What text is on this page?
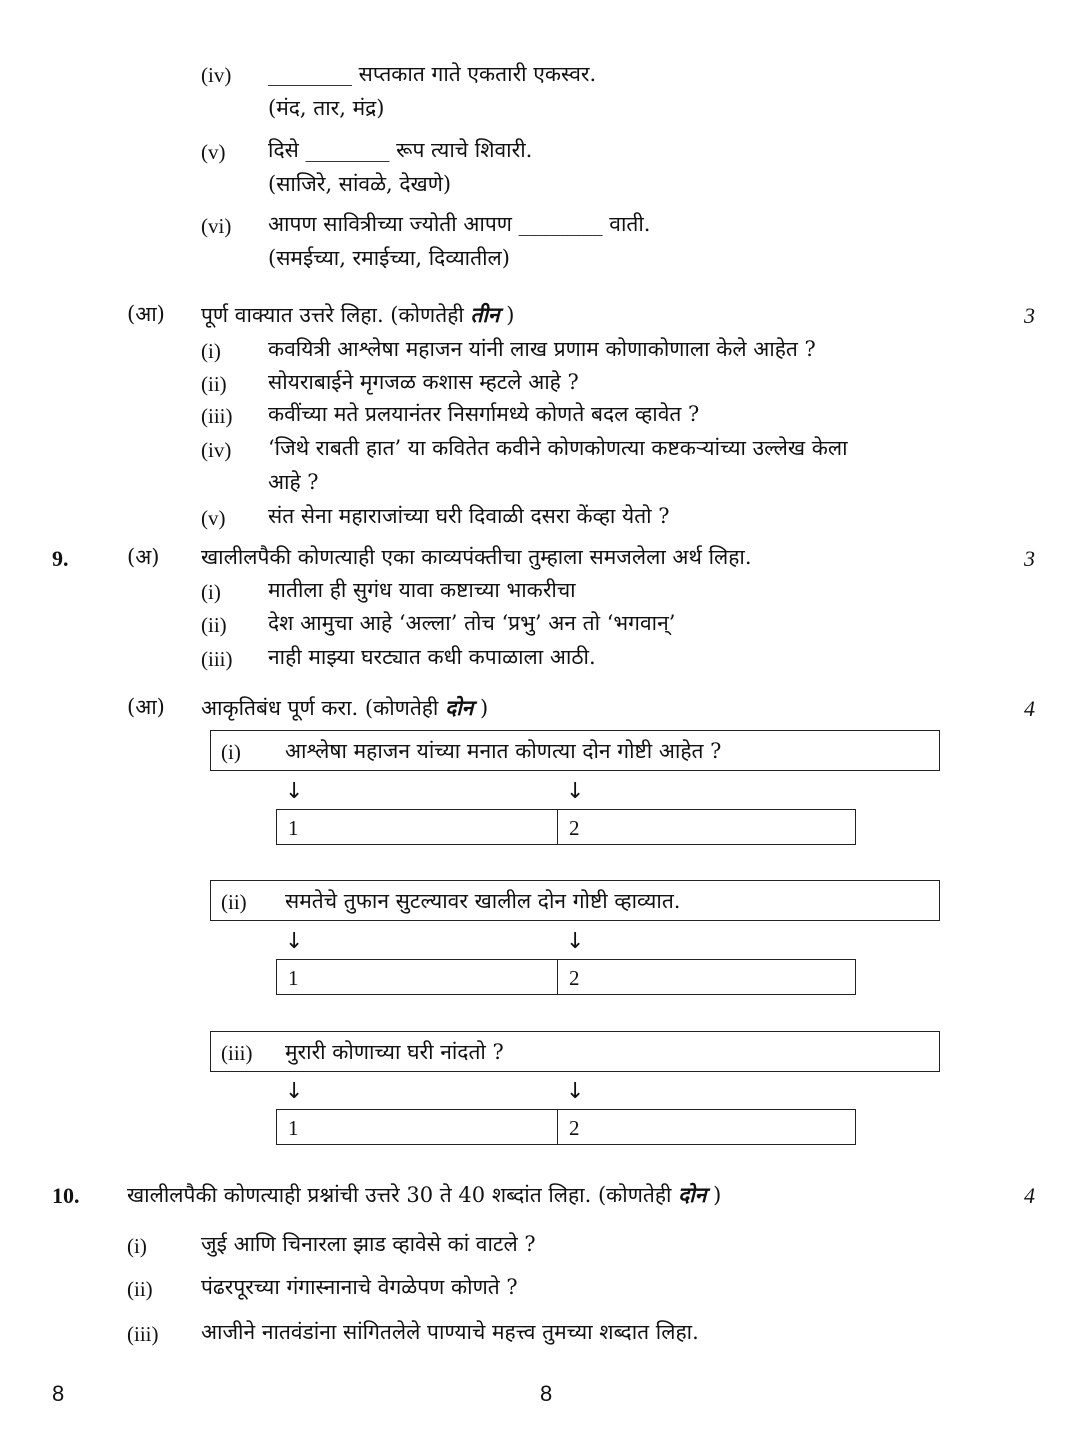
(iv) ________ सप्तकात गाते एकतारी एकस्वर.
(मंद, तार, मंद्र)
(v) दिसे ________ रूप त्याचे शिवारी.
(साजिरे, सांवळे, देखणे)
(vi) आपण सावित्रीच्या ज्योती आपण ________ वाती.
(समईच्या, रमाईच्या, दिव्यातील)
(आ) पूर्ण वाक्यात उत्तरे लिहा. (कोणतेही तीन )	3
(i) कवयित्री आश्लेषा महाजन यांनी लाख प्रणाम कोणाकोणाला केले आहेत ?
(ii) सोयराबाईने मृगजळ कशास म्हटले आहे ?
(iii) कवींच्या मते प्रलयानंतर निसर्गामध्ये कोणते बदल व्हावेत ?
(iv) ‘जिथे राबती हात’ या कवितेत कवीने कोणकोणत्या कष्टकऱ्यांच्या उल्लेख केला
आहे ?
(v) संत सेना महाराजांच्या घरी दिवाळी दसरा केंव्हा येतो ?
9.	(अ) खालीलपैकी कोणत्याही एका काव्यपंक्तीचा तुम्हाला समजलेला अर्थ लिहा.	3
(i) मातीला ही सुगंध यावा कष्टाच्या भाकरीचा
(ii) देश आमुचा आहे ‘अल्ला’ तोच ‘प्रभु’ अन तो ‘भगवान्’
(iii) नाही माझ्या घरट्यात कधी कपाळाला आठी.
(आ) आकृतिबंध पूर्ण करा. (कोणतेही दोन )	4
(i) आश्लेषा महाजन यांच्या मनात कोणत्या दोन गोष्टी आहेत ?
↓	↓
1	2
(ii) समतेचे तुफान सुटल्यावर खालील दोन गोष्टी व्हाव्यात.
↓	↓
1	2
(iii) मुरारी कोणाच्या घरी नांदतो ?
↓	↓
1	2
10. खालीलपैकी कोणत्याही प्रश्नांची उत्तरे 30 ते 40 शब्दांत लिहा. (कोणतेही दोन )	4
(i)	जुई आणि चिनारला झाड व्हावेसे कां वाटले ?
(ii) पंढरपूरच्या गंगास्नानाचे वेगळेपण कोणते ?
(iii) आजीने नातवंडांना सांगितलेले पाण्याचे महत्त्व तुमच्या शब्दात लिहा.
8	8
